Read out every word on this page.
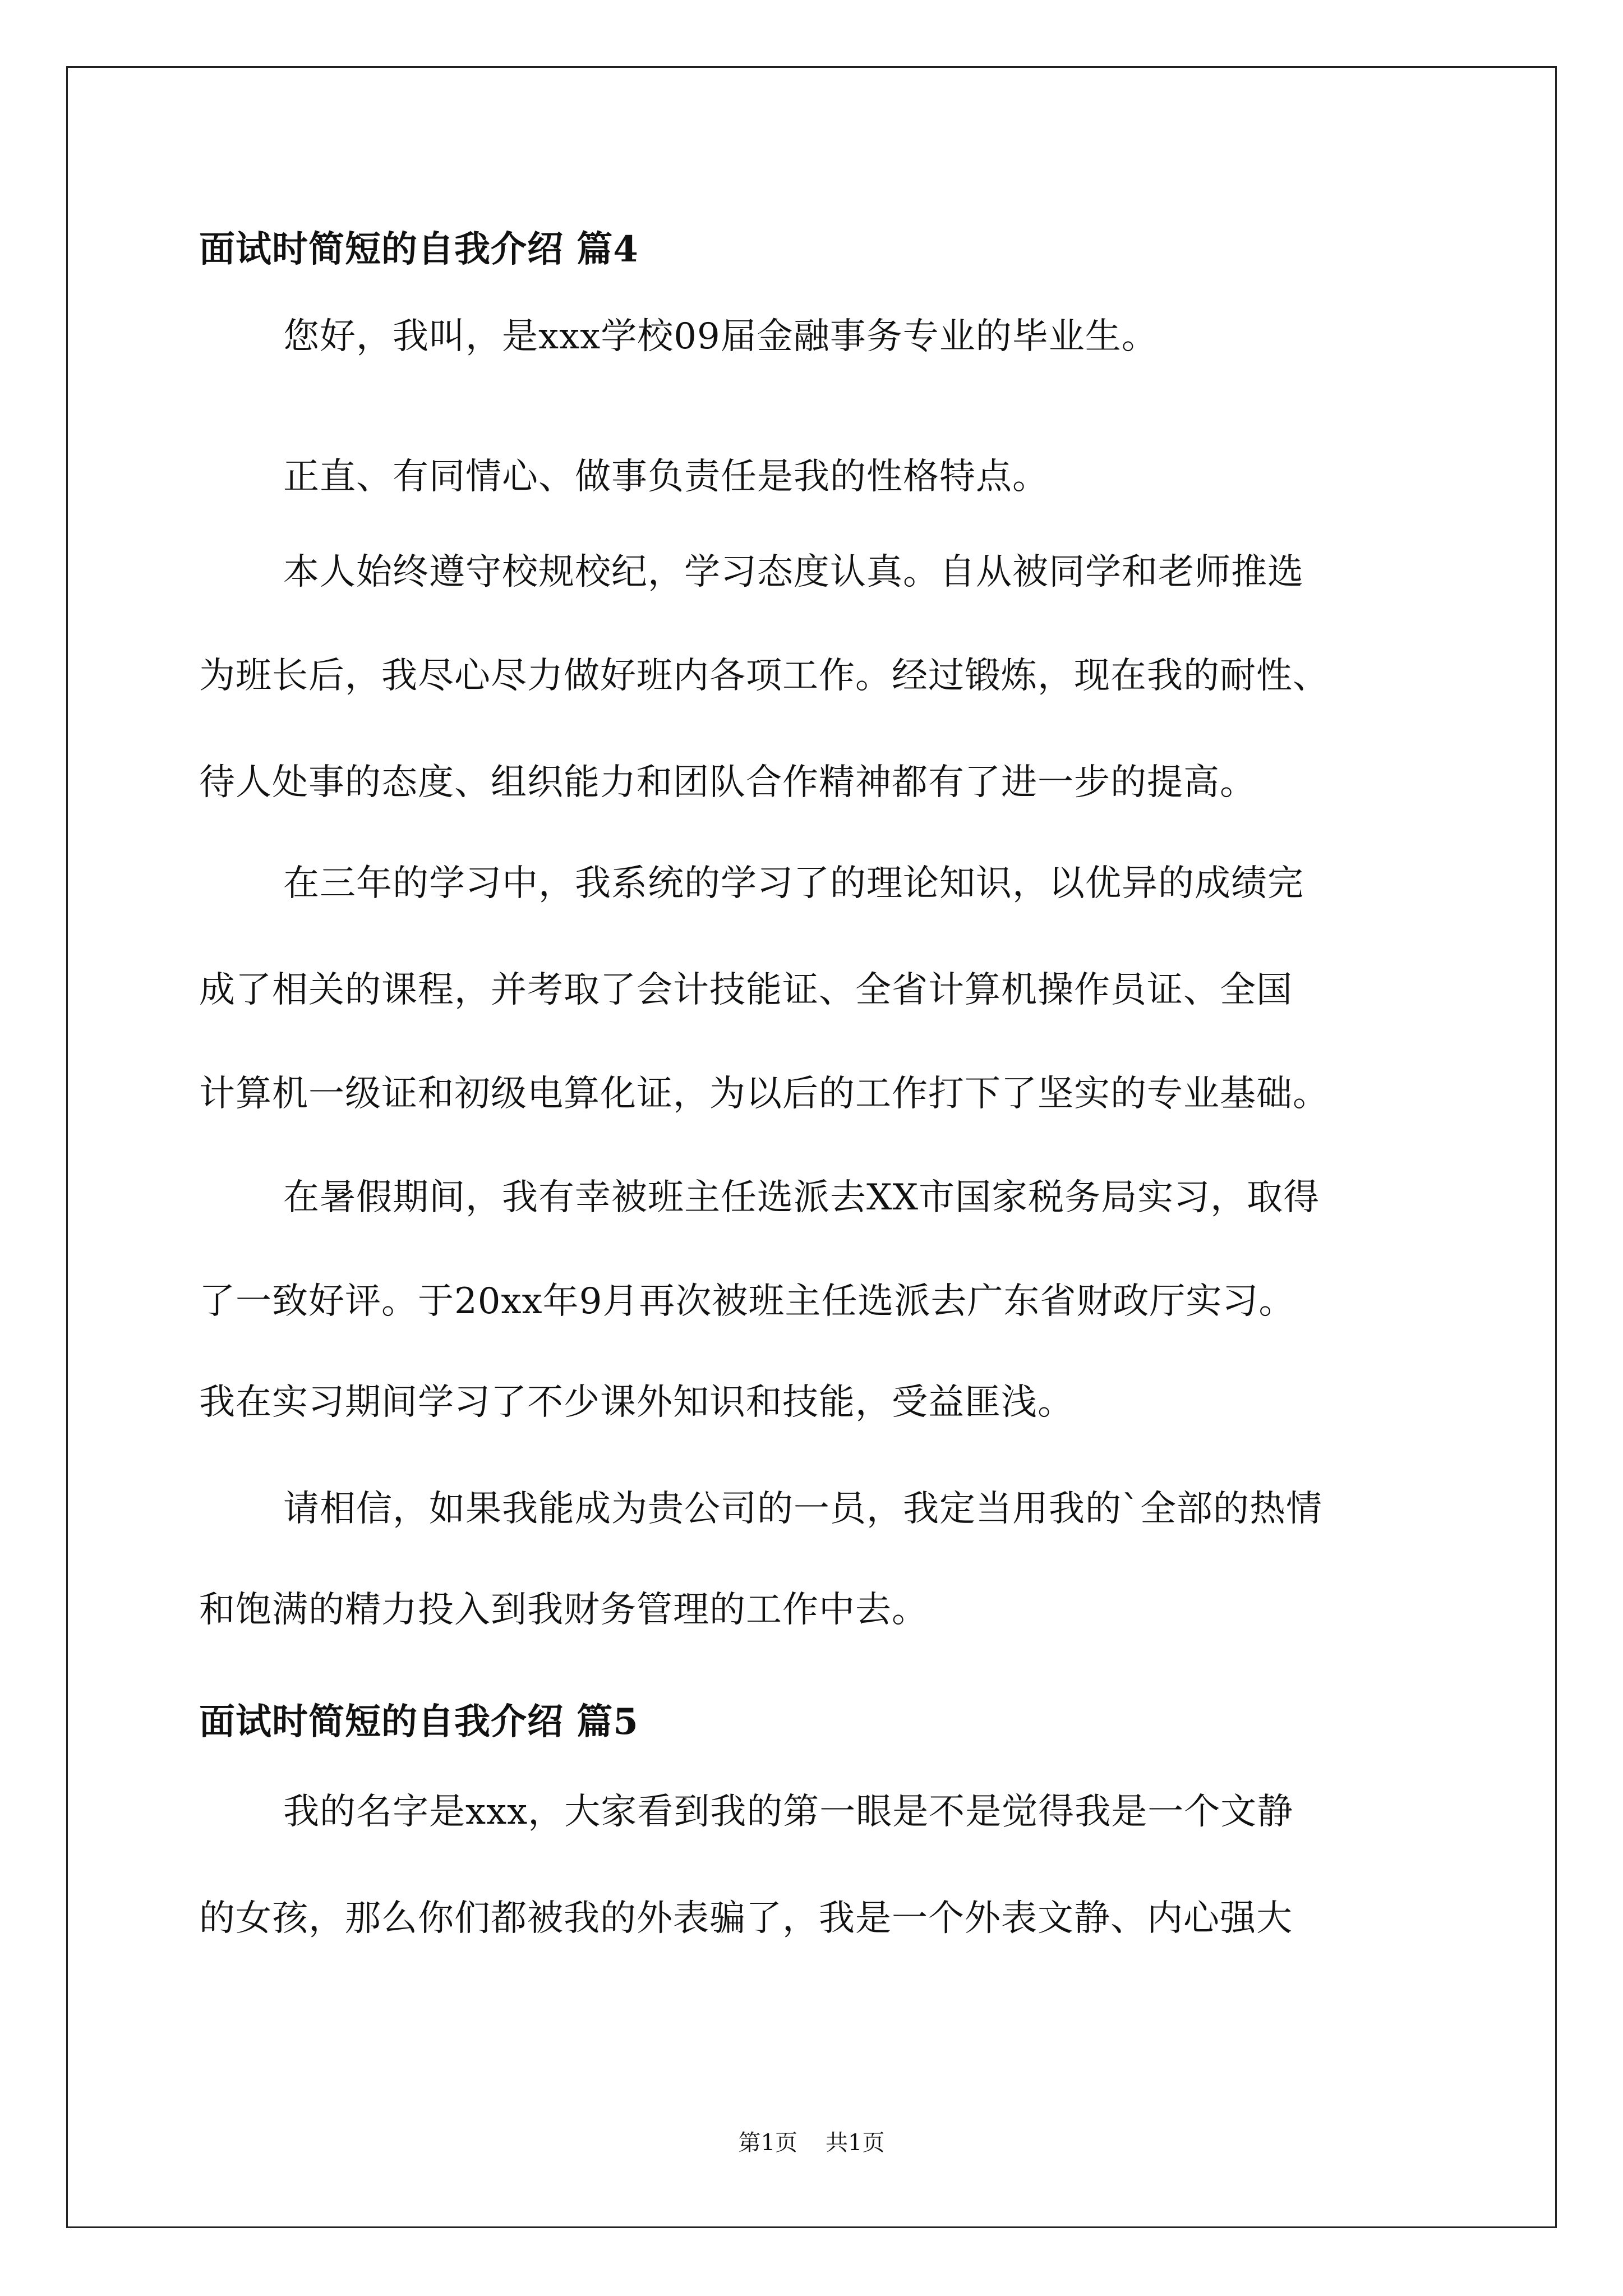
面试时简短的自我介绍 篇4

您好，我叫，是xxx学校09届金融事务专业的毕业生。

正直、有同情心、做事负责任是我的性格特点。

本人始终遵守校规校纪，学习态度认真。自从被同学和老师推选

为班长后，我尽心尽力做好班内各项工作。经过锻炼，现在我的耐性、

待人处事的态度、组织能力和团队合作精神都有了进一步的提高。

在三年的学习中，我系统的学习了的理论知识，以优异的成绩完

成了相关的课程，并考取了会计技能证、全省计算机操作员证、全国

计算机一级证和初级电算化证，为以后的工作打下了坚实的专业基础。

在暑假期间，我有幸被班主任选派去XX市国家税务局实习，取得

了一致好评。于20xx年9月再次被班主任选派去广东省财政厅实习。

我在实习期间学习了不少课外知识和技能，受益匪浅。

请相信，如果我能成为贵公司的一员，我定当用我的`全部的热情

和饱满的精力投入到我财务管理的工作中去。

面试时简短的自我介绍 篇5

我的名字是xxx，大家看到我的第一眼是不是觉得我是一个文静

的女孩，那么你们都被我的外表骗了，我是一个外表文静、内心强大

第1页 共1页
